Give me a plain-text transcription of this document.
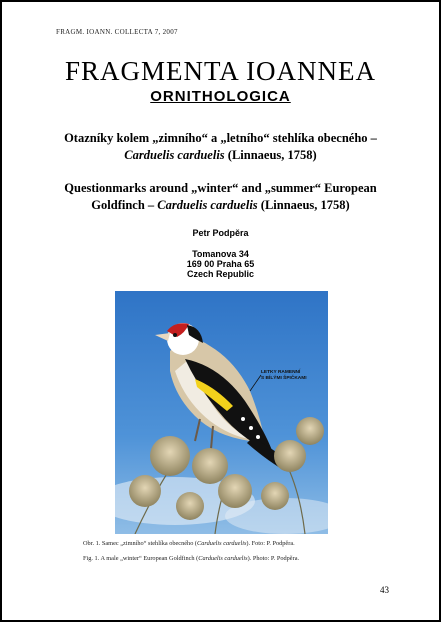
FRAGM. IOANN. COLLECTA 7, 2007
FRAGMENTA IOANNEA
ORNITHOLOGICA
Otazníky kolem „zimního“ a „letního“ stehlíka obecného –
Carduelis carduelis (Linnaeus, 1758)
Questionmarks around „winter“ and „summer“ European
Goldfinch – Carduelis carduelis (Linnaeus, 1758)
Petr Podpěra
Tomanova 34
169 00 Praha 65
Czech Republic
LETKY RAMENNÍ
S BÍLÝMI ŠPIČKAMI
Obr. 1. Samec „zimního“ stehlíka obecného (Carduelis carduelis). Foto: P. Podpěra.
Fig. 1. A male „winter“ European Goldfinch (Carduelis carduelis). Photo: P. Podpěra.
43
